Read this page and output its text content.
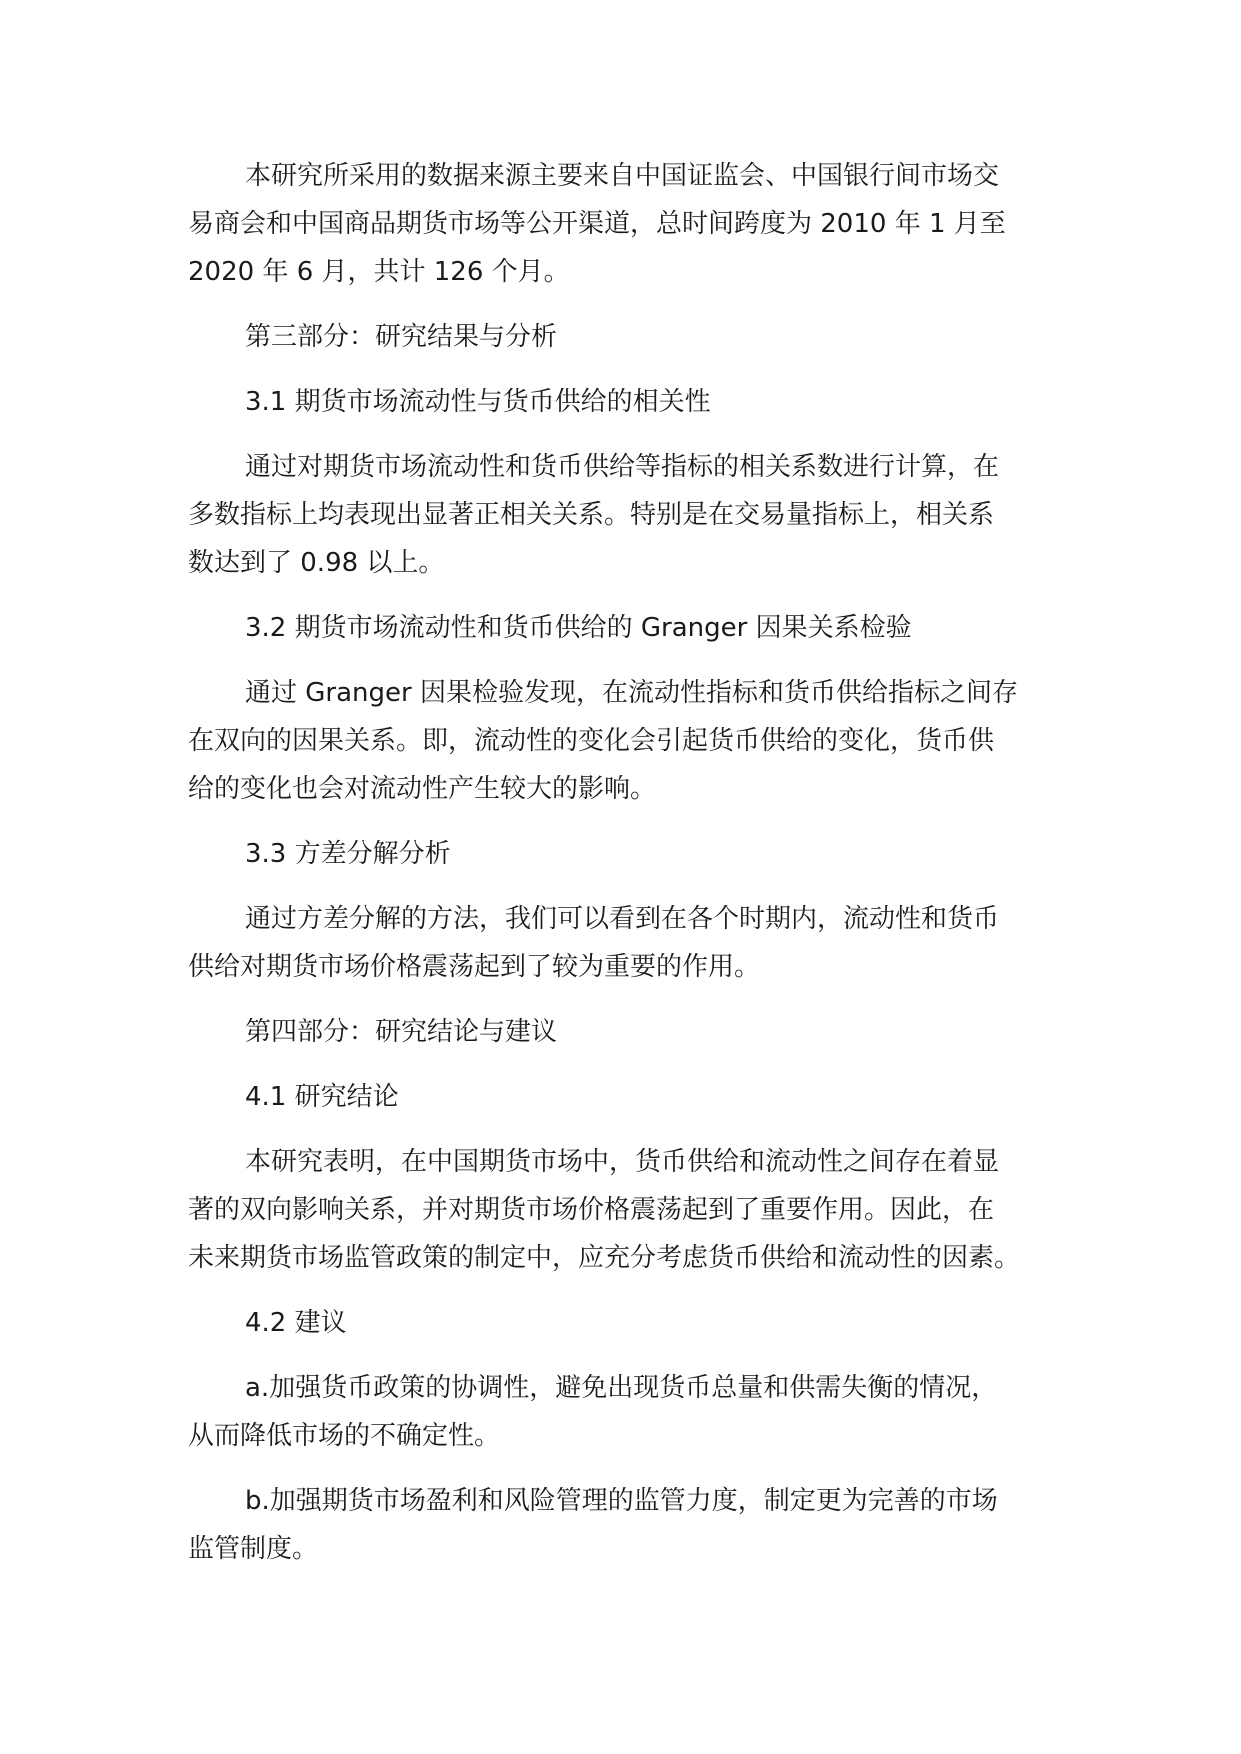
本研究所采用的数据来源主要来自中国证监会、中国银行间市场交
易商会和中国商品期货市场等公开渠道，总时间跨度为 2010 年 1 月至
2020 年 6 月，共计 126 个月。
第三部分：研究结果与分析
3.1 期货市场流动性与货币供给的相关性
通过对期货市场流动性和货币供给等指标的相关系数进行计算，在
多数指标上均表现出显著正相关关系。特别是在交易量指标上，相关系
数达到了 0.98 以上。
3.2 期货市场流动性和货币供给的 Granger 因果关系检验
通过 Granger 因果检验发现，在流动性指标和货币供给指标之间存
在双向的因果关系。即，流动性的变化会引起货币供给的变化，货币供
给的变化也会对流动性产生较大的影响。
3.3 方差分解分析
通过方差分解的方法，我们可以看到在各个时期内，流动性和货币
供给对期货市场价格震荡起到了较为重要的作用。
第四部分：研究结论与建议
4.1 研究结论
本研究表明，在中国期货市场中，货币供给和流动性之间存在着显
著的双向影响关系，并对期货市场价格震荡起到了重要作用。因此，在
未来期货市场监管政策的制定中，应充分考虑货币供给和流动性的因素。
4.2 建议
a.加强货币政策的协调性，避免出现货币总量和供需失衡的情况，
从而降低市场的不确定性。
b.加强期货市场盈利和风险管理的监管力度，制定更为完善的市场
监管制度。
